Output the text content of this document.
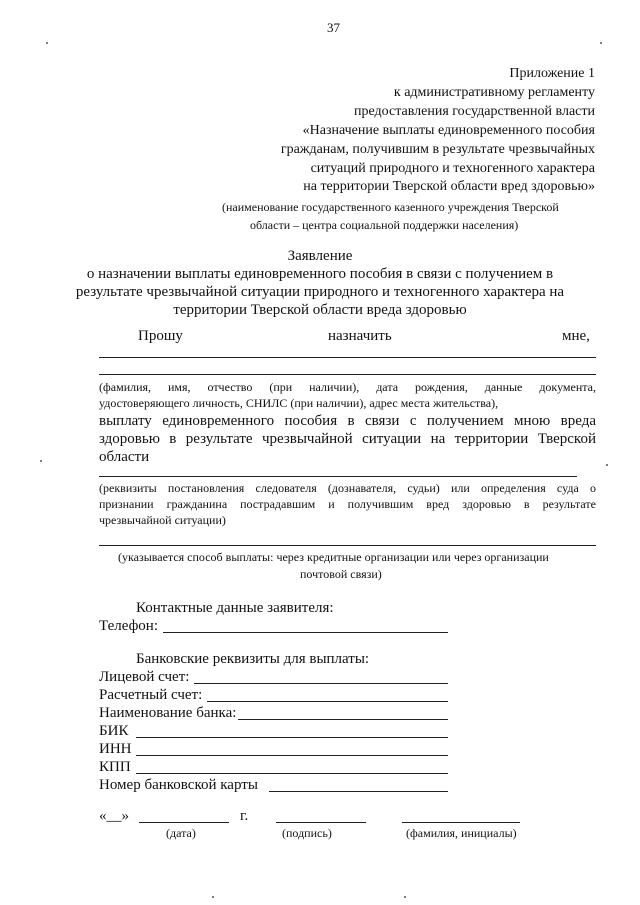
37
Приложение 1
к административному регламенту
предоставления государственной власти
«Назначение выплаты единовременного пособия
гражданам, получившим в результате чрезвычайных
ситуаций природного и техногенного характера
на территории Тверской области вред здоровью»
(наименование государственного казенного учреждения Тверской
области – центра социальной поддержки населения)
Заявление
о назначении выплаты единовременного пособия в связи с получением в
результате чрезвычайной ситуации природного и техногенного характера на
территории Тверской области вреда здоровью
Прошу	назначить	мне,
(фамилия, имя, отчество (при наличии), дата рождения, данные документа,
удостоверяющего личность, СНИЛС (при наличии), адрес места жительства),
выплату единовременного пособия в связи с получением мною вреда
здоровью в результате чрезвычайной ситуации на территории Тверской
области
(реквизиты постановления следователя (дознавателя, судьи) или определения суда о
признании гражданина пострадавшим и получившим вред здоровью в результате
чрезвычайной ситуации)
(указывается способ выплаты: через кредитные организации или через организации
почтовой связи)
Контактные данные заявителя:
Телефон:
Банковские реквизиты для выплаты:
Лицевой счет:
Расчетный счет:
Наименование банка:
БИК
ИНН
КПП
Номер банковской карты
«__»	г.
(дата)	(подпись)	(фамилия, инициалы)
